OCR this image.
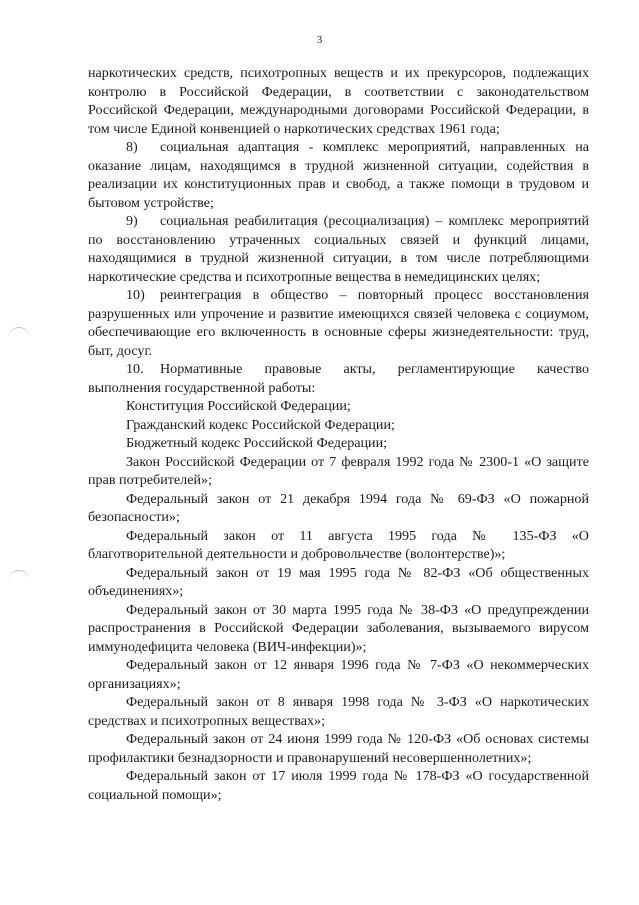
3

наркотических средств, психотропных веществ и их прекурсоров, подлежащих контролю в Российской Федерации, в соответствии с законодательством Российской Федерации, международными договорами Российской Федерации, в том числе Единой конвенцией о наркотических средствах 1961 года;

8) социальная адаптация - комплекс мероприятий, направленных на оказание лицам, находящимся в трудной жизненной ситуации, содействия в реализации их конституционных прав и свобод, а также помощи в трудовом и бытовом устройстве;

9) социальная реабилитация (ресоциализация) – комплекс мероприятий по восстановлению утраченных социальных связей и функций лицами, находящимися в трудной жизненной ситуации, в том числе потребляющими наркотические средства и психотропные вещества в немедицинских целях;

10) реинтеграция в общество – повторный процесс восстановления разрушенных или упрочение и развитие имеющихся связей человека с социумом, обеспечивающие его включенность в основные сферы жизнедеятельности: труд, быт, досуг.

10. Нормативные правовые акты, регламентирующие качество выполнения государственной работы:

Конституция Российской Федерации;

Гражданский кодекс Российской Федерации;

Бюджетный кодекс Российской Федерации;

Закон Российской Федерации от 7 февраля 1992 года № 2300-1 «О защите прав потребителей»;

Федеральный закон от 21 декабря 1994 года № 69-ФЗ «О пожарной безопасности»;

Федеральный закон от 11 августа 1995 года № 135-ФЗ «О благотворительной деятельности и добровольчестве (волонтерстве)»;

Федеральный закон от 19 мая 1995 года № 82-ФЗ «Об общественных объединениях»;

Федеральный закон от 30 марта 1995 года № 38-ФЗ «О предупреждении распространения в Российской Федерации заболевания, вызываемого вирусом иммунодефицита человека (ВИЧ-инфекции)»;

Федеральный закон от 12 января 1996 года № 7-ФЗ «О некоммерческих организациях»;

Федеральный закон от 8 января 1998 года № 3-ФЗ «О наркотических средствах и психотропных веществах»;

Федеральный закон от 24 июня 1999 года № 120-ФЗ «Об основах системы профилактики безнадзорности и правонарушений несовершеннолетних»;

Федеральный закон от 17 июля 1999 года № 178-ФЗ «О государственной социальной помощи»;
